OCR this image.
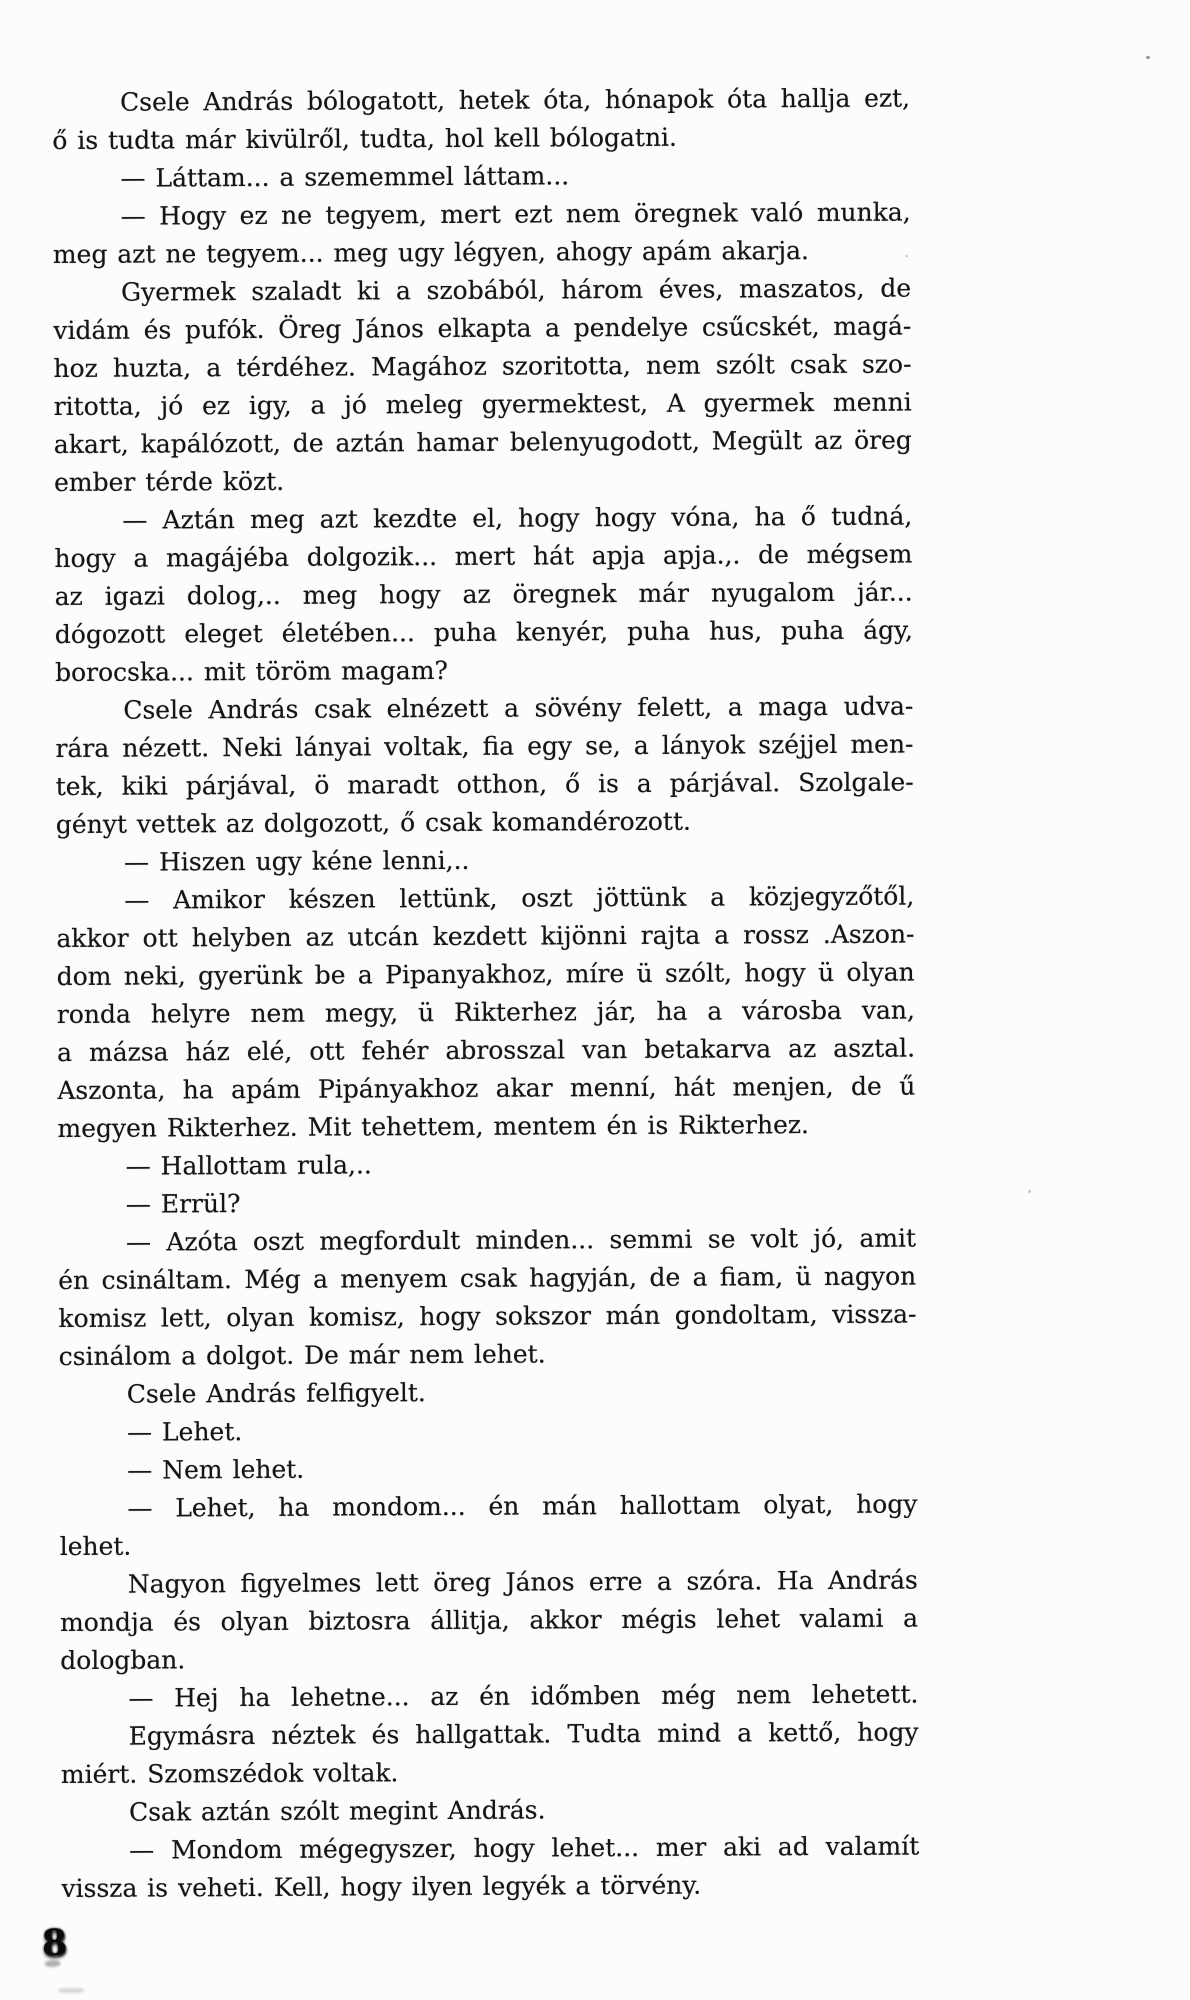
Csele András bólogatott, hetek óta, hónapok óta hallja ezt,
ő is tudta már kivülről, tudta, hol kell bólogatni.
— Láttam... a szememmel láttam...
— Hogy ez ne tegyem, mert ezt nem öregnek való munka,
meg azt ne tegyem... meg ugy légyen, ahogy apám akarja.
Gyermek szaladt ki a szobából, három éves, maszatos, de
vidám és pufók. Öreg János elkapta a pendelye csűcskét, magá-
hoz huzta, a térdéhez. Magához szoritotta, nem szólt csak szo-
ritotta, jó ez igy, a jó meleg gyermektest, A gyermek menni
akart, kapálózott, de aztán hamar belenyugodott, Megült az öreg
ember térde közt.
— Aztán meg azt kezdte el, hogy hogy vóna, ha ő tudná,
hogy a magájéba dolgozik... mert hát apja apja.,. de mégsem
az igazi dolog,.. meg hogy az öregnek már nyugalom jár...
dógozott eleget életében... puha kenyér, puha hus, puha ágy,
borocska... mit töröm magam?
Csele András csak elnézett a sövény felett, a maga udva-
rára nézett. Neki lányai voltak, fia egy se, a lányok széjjel men-
tek, kiki párjával, ö maradt otthon, ő is a párjával. Szolgale-
gényt vettek az dolgozott, ő csak komandérozott.
— Hiszen ugy kéne lenni,..
— Amikor készen lettünk, oszt jöttünk a közjegyzőtől,
akkor ott helyben az utcán kezdett kijönni rajta a rossz .Aszon-
dom neki, gyerünk be a Pipanyakhoz, míre ü szólt, hogy ü olyan
ronda helyre nem megy, ü Rikterhez jár, ha a városba van,
a mázsa ház elé, ott fehér abrosszal van betakarva az asztal.
Aszonta, ha apám Pipányakhoz akar menní, hát menjen, de ű
megyen Rikterhez. Mit tehettem, mentem én is Rikterhez.
— Hallottam rula,..
— Errül?
— Azóta oszt megfordult minden... semmi se volt jó, amit
én csináltam. Még a menyem csak hagyján, de a fiam, ü nagyon
komisz lett, olyan komisz, hogy sokszor mán gondoltam, vissza-
csinálom a dolgot. De már nem lehet.
Csele András felfigyelt.
— Lehet.
— Nem lehet.
— Lehet, ha mondom... én mán hallottam olyat, hogy
lehet.
Nagyon figyelmes lett öreg János erre a szóra. Ha András
mondja és olyan biztosra állitja, akkor mégis lehet valami a
dologban.
— Hej ha lehetne... az én időmben még nem lehetett.
Egymásra néztek és hallgattak. Tudta mind a kettő, hogy
miért. Szomszédok voltak.
Csak aztán szólt megint András.
— Mondom mégegyszer, hogy lehet... mer aki ad valamít
vissza is veheti. Kell, hogy ilyen legyék a törvény.
8
